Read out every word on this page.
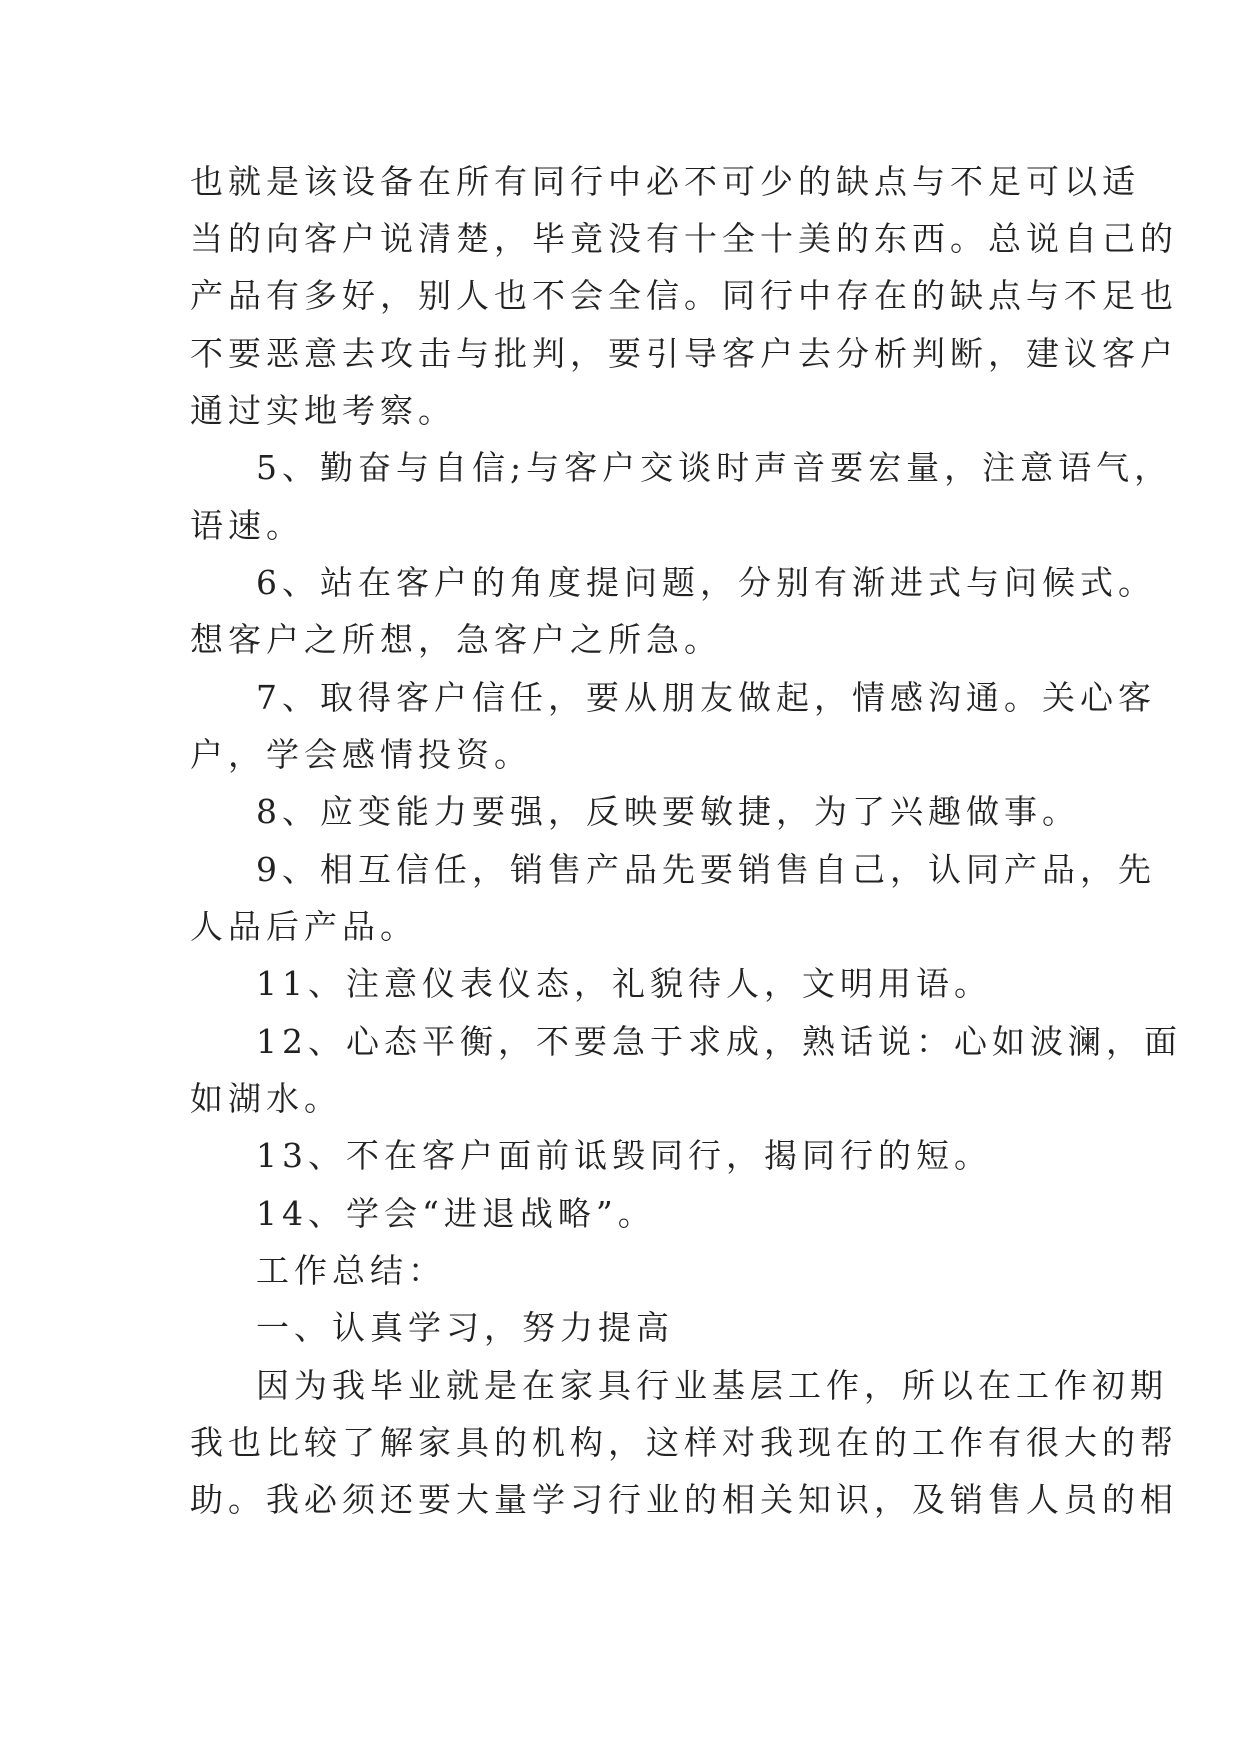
也就是该设备在所有同行中必不可少的缺点与不足可以适
当的向客户说清楚，毕竟没有十全十美的东西。总说自己的
产品有多好，别人也不会全信。同行中存在的缺点与不足也
不要恶意去攻击与批判，要引导客户去分析判断，建议客户
通过实地考察。
5、勤奋与自信;与客户交谈时声音要宏量，注意语气，
语速。
6、站在客户的角度提问题，分别有渐进式与问候式。
想客户之所想，急客户之所急。
7、取得客户信任，要从朋友做起，情感沟通。关心客
户，学会感情投资。
8、应变能力要强，反映要敏捷，为了兴趣做事。
9、相互信任，销售产品先要销售自己，认同产品，先
人品后产品。
11、注意仪表仪态，礼貌待人，文明用语。
12、心态平衡，不要急于求成，熟话说：心如波澜，面
如湖水。
13、不在客户面前诋毁同行，揭同行的短。
14、学会“进退战略”。
工作总结：
一、认真学习，努力提高
因为我毕业就是在家具行业基层工作，所以在工作初期
我也比较了解家具的机构，这样对我现在的工作有很大的帮
助。我必须还要大量学习行业的相关知识，及销售人员的相
